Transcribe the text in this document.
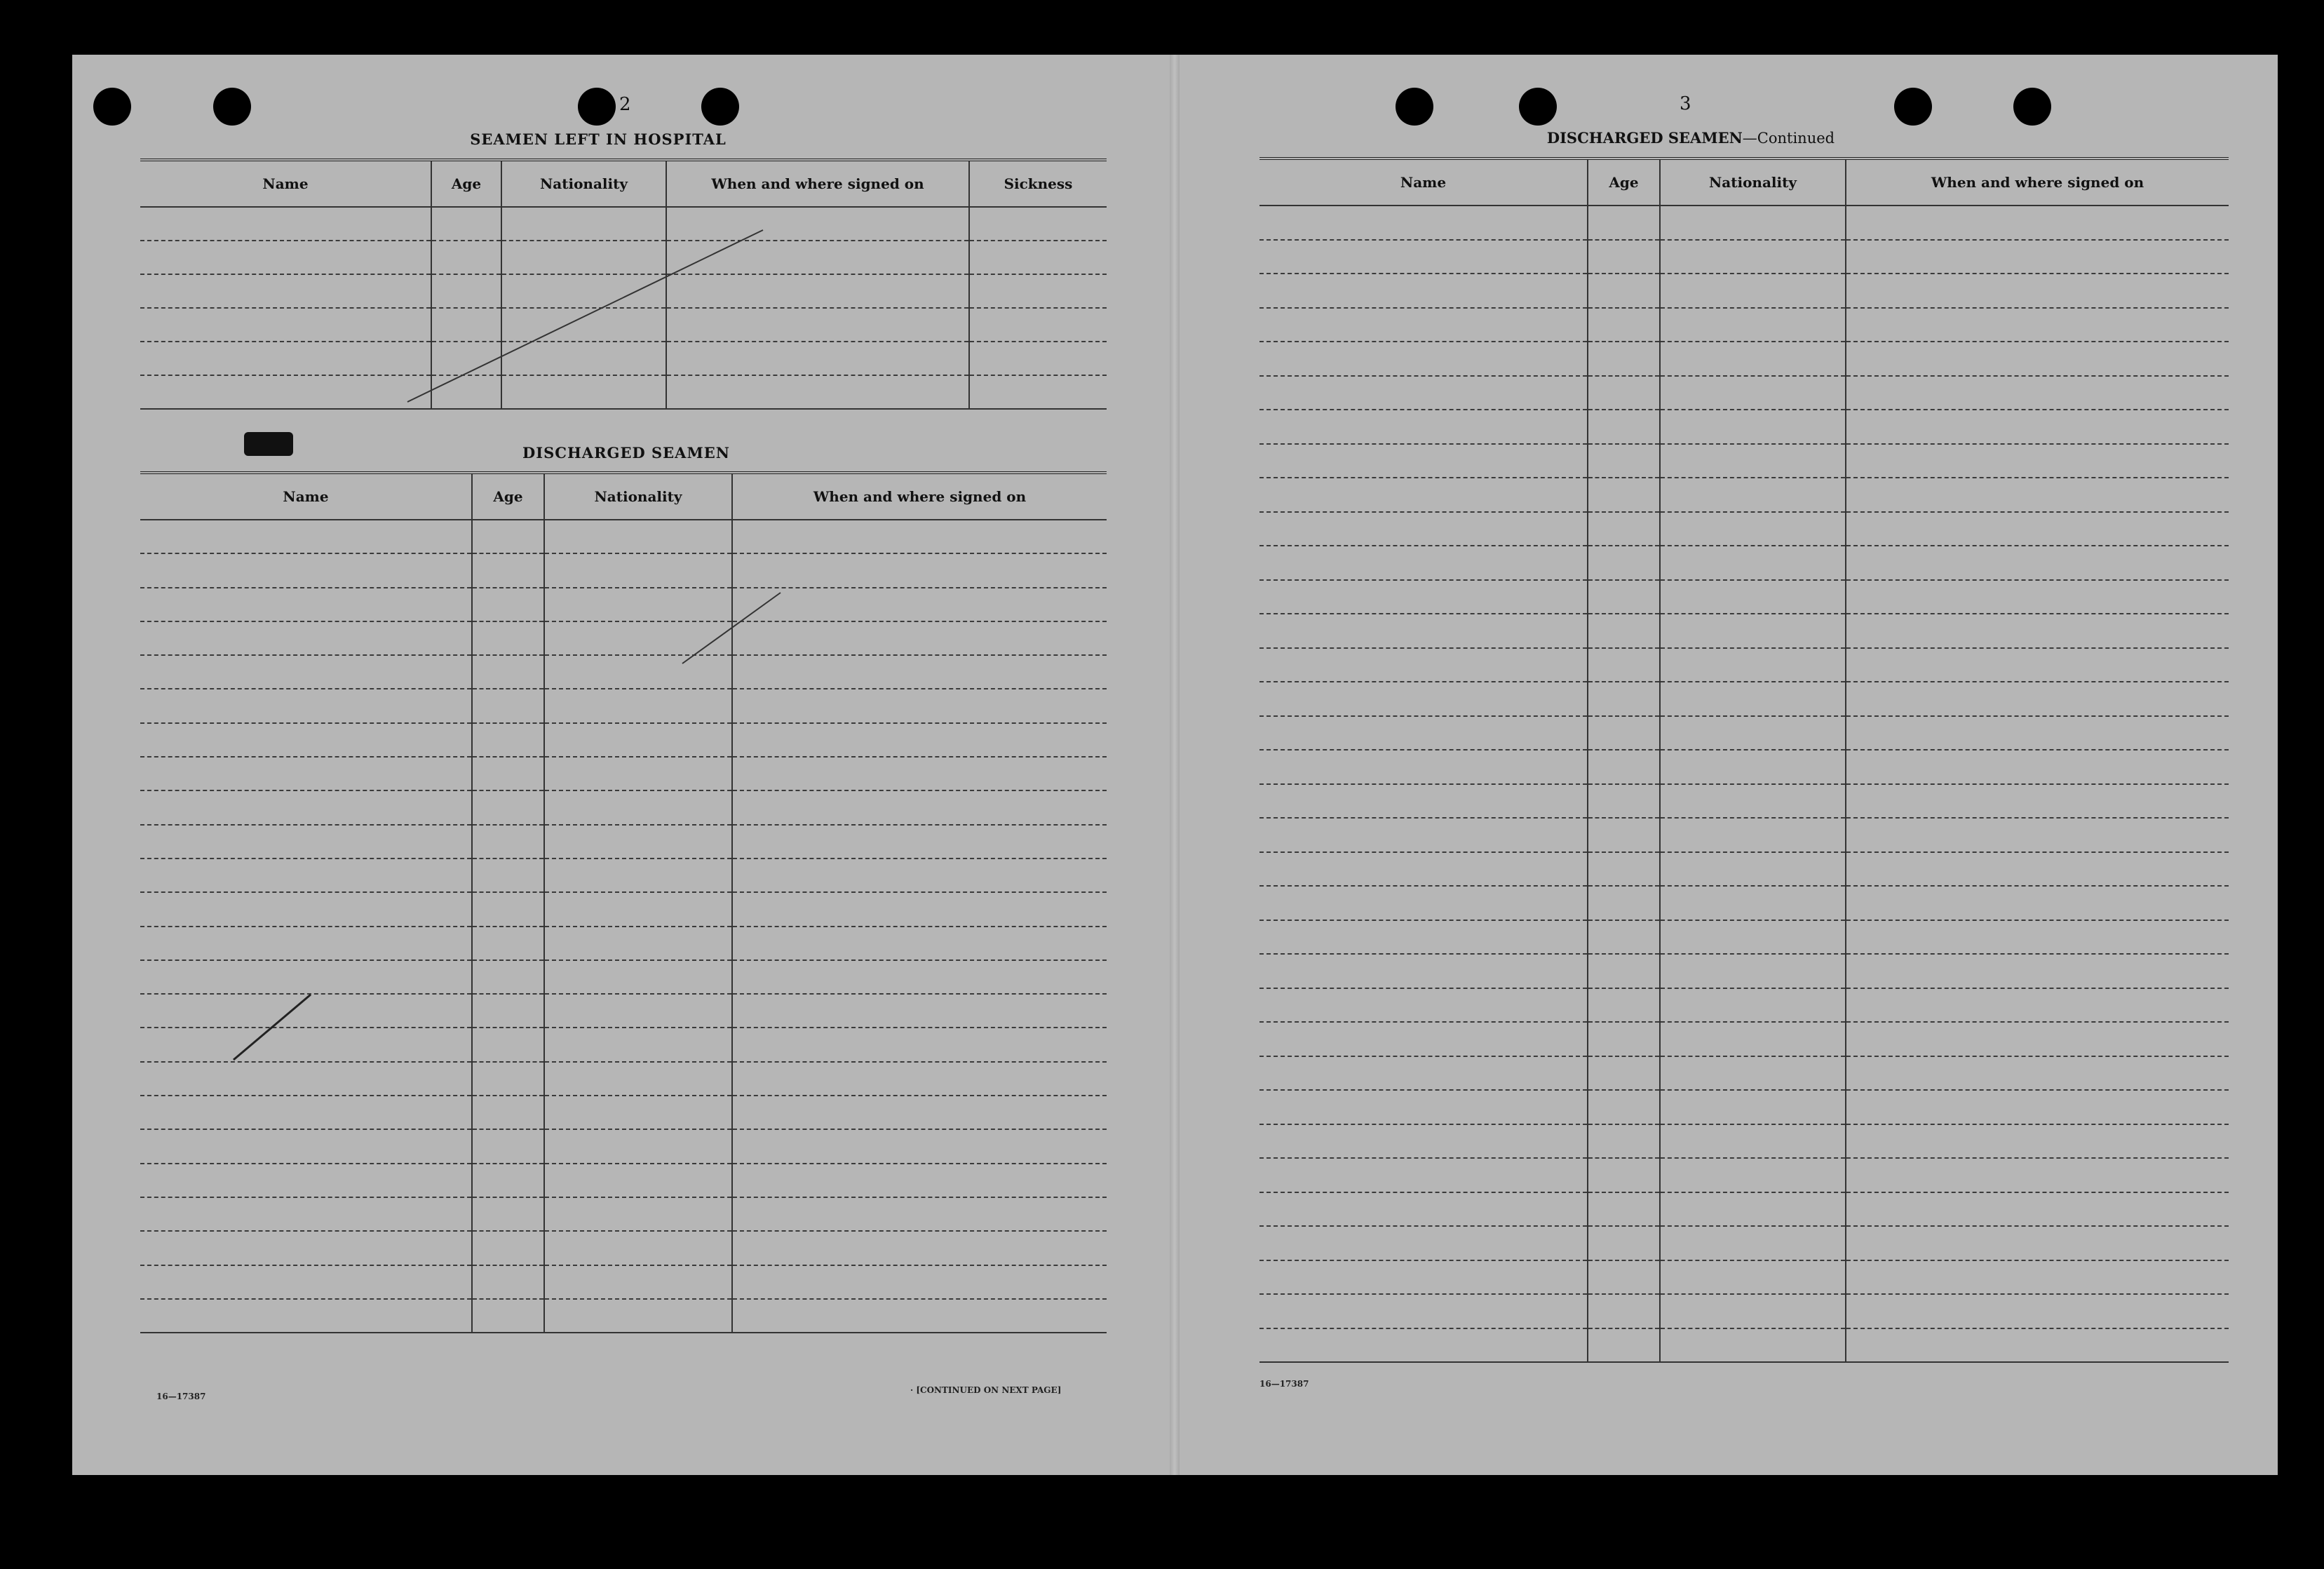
2
SEAMEN LEFT IN HOSPITAL
Name	Age	Nationality	When and where signed on	Sickness

DISCHARGED SEAMEN
Name	Age	Nationality	When and where signed on

16—17387
· [CONTINUED ON NEXT PAGE]
3
DISCHARGED SEAMEN—Continued
Name	Age	Nationality	When and where signed on

16—17387
